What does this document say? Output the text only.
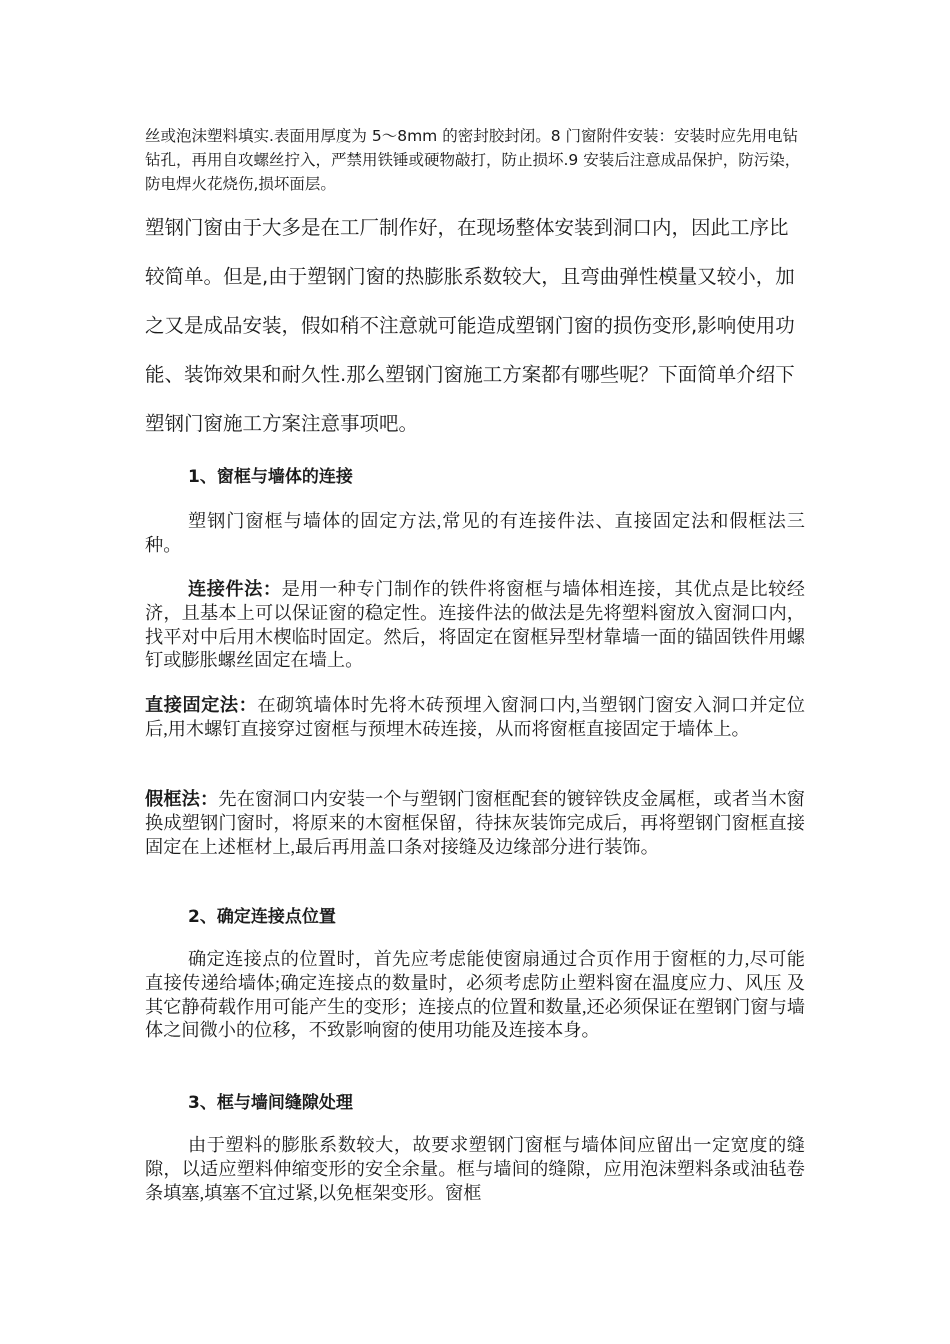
丝或泡沫塑料填实.表面用厚度为 5～8mm 的密封胶封闭。8 门窗附件安装：安装时应先用电钻钻孔，再用自攻螺丝拧入，严禁用铁锤或硬物敲打，防止损坏.9 安装后注意成品保护，防污染，防电焊火花烧伤,损坏面层。

塑钢门窗由于大多是在工厂制作好，在现场整体安装到洞口内，因此工序比较简单。但是,由于塑钢门窗的热膨胀系数较大，且弯曲弹性模量又较小，加之又是成品安装，假如稍不注意就可能造成塑钢门窗的损伤变形,影响使用功能、装饰效果和耐久性.那么塑钢门窗施工方案都有哪些呢？下面简单介绍下塑钢门窗施工方案注意事项吧。

1、窗框与墙体的连接

塑钢门窗框与墙体的固定方法,常见的有连接件法、直接固定法和假框法三种。

连接件法：是用一种专门制作的铁件将窗框与墙体相连接，其优点是比较经济，且基本上可以保证窗的稳定性。连接件法的做法是先将塑料窗放入窗洞口内，找平对中后用木楔临时固定。然后，将固定在窗框异型材靠墙一面的锚固铁件用螺钉或膨胀螺丝固定在墙上。

直接固定法：在砌筑墙体时先将木砖预埋入窗洞口内,当塑钢门窗安入洞口并定位后,用木螺钉直接穿过窗框与预埋木砖连接，从而将窗框直接固定于墙体上。

假框法：先在窗洞口内安装一个与塑钢门窗框配套的镀锌铁皮金属框，或者当木窗换成塑钢门窗时，将原来的木窗框保留，待抹灰装饰完成后，再将塑钢门窗框直接固定在上述框材上,最后再用盖口条对接缝及边缘部分进行装饰。

2、确定连接点位置

确定连接点的位置时，首先应考虑能使窗扇通过合页作用于窗框的力,尽可能直接传递给墙体;确定连接点的数量时，必须考虑防止塑料窗在温度应力、风压 及其它静荷载作用可能产生的变形；连接点的位置和数量,还必须保证在塑钢门窗与墙体之间微小的位移，不致影响窗的使用功能及连接本身。

3、框与墙间缝隙处理

由于塑料的膨胀系数较大，故要求塑钢门窗框与墙体间应留出一定宽度的缝隙，以适应塑料伸缩变形的安全余量。框与墙间的缝隙，应用泡沫塑料条或油毡卷 条填塞,填塞不宜过紧,以免框架变形。窗框
